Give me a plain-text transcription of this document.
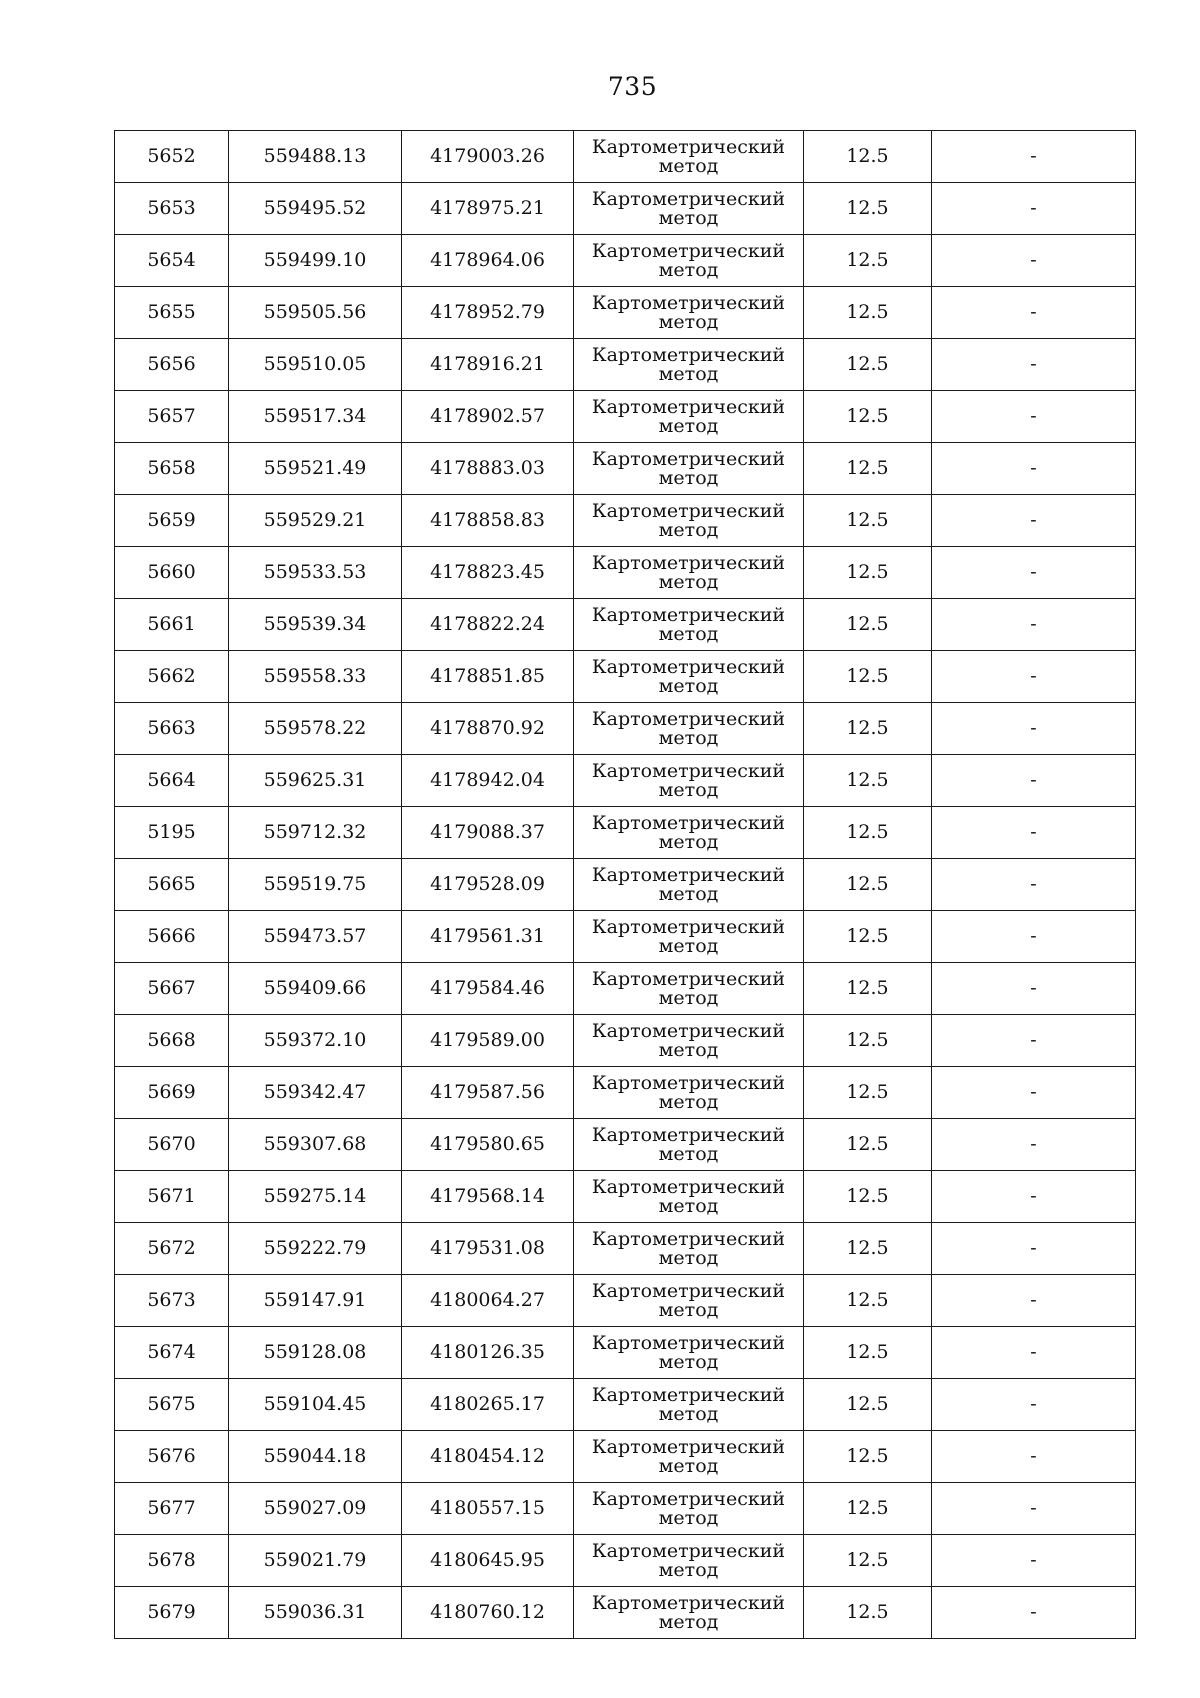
735
5652	559488.13	4179003.26	Картометрический
метод	12.5	-
5653	559495.52	4178975.21	Картометрический
метод	12.5	-
5654	559499.10	4178964.06	Картометрический
метод	12.5	-
5655	559505.56	4178952.79	Картометрический
метод	12.5	-
5656	559510.05	4178916.21	Картометрический
метод	12.5	-
5657	559517.34	4178902.57	Картометрический
метод	12.5	-
5658	559521.49	4178883.03	Картометрический
метод	12.5	-
5659	559529.21	4178858.83	Картометрический
метод	12.5	-
5660	559533.53	4178823.45	Картометрический
метод	12.5	-
5661	559539.34	4178822.24	Картометрический
метод	12.5	-
5662	559558.33	4178851.85	Картометрический
метод	12.5	-
5663	559578.22	4178870.92	Картометрический
метод	12.5	-
5664	559625.31	4178942.04	Картометрический
метод	12.5	-
5195	559712.32	4179088.37	Картометрический
метод	12.5	-
5665	559519.75	4179528.09	Картометрический
метод	12.5	-
5666	559473.57	4179561.31	Картометрический
метод	12.5	-
5667	559409.66	4179584.46	Картометрический
метод	12.5	-
5668	559372.10	4179589.00	Картометрический
метод	12.5	-
5669	559342.47	4179587.56	Картометрический
метод	12.5	-
5670	559307.68	4179580.65	Картометрический
метод	12.5	-
5671	559275.14	4179568.14	Картометрический
метод	12.5	-
5672	559222.79	4179531.08	Картометрический
метод	12.5	-
5673	559147.91	4180064.27	Картометрический
метод	12.5	-
5674	559128.08	4180126.35	Картометрический
метод	12.5	-
5675	559104.45	4180265.17	Картометрический
метод	12.5	-
5676	559044.18	4180454.12	Картометрический
метод	12.5	-
5677	559027.09	4180557.15	Картометрический
метод	12.5	-
5678	559021.79	4180645.95	Картометрический
метод	12.5	-
5679	559036.31	4180760.12	Картометрический
метод	12.5	-
